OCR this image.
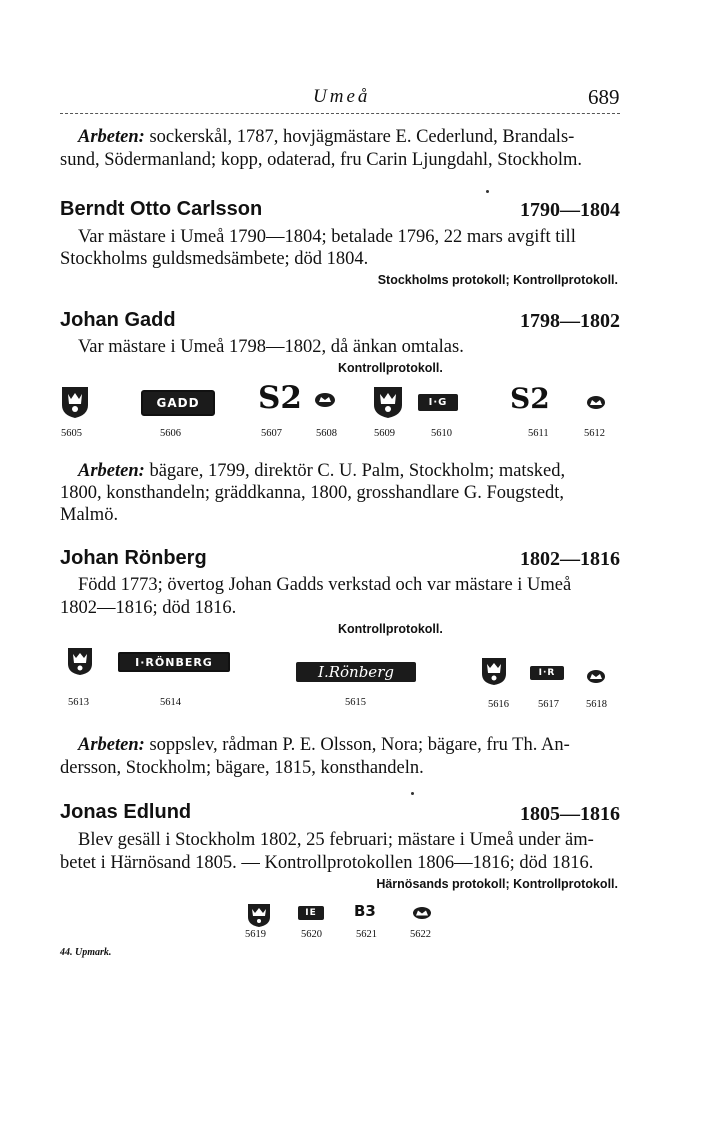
Umeå	689
Arbeten: sockerskål, 1787, hovjägmästare E. Cederlund, Brandals-
sund, Södermanland; kopp, odaterad, fru Carin Ljungdahl, Stockholm.
Berndt Otto Carlsson	1790—1804
Var mästare i Umeå 1790—1804; betalade 1796, 22 mars avgift till
Stockholms guldsmedsämbete; död 1804.
Stockholms protokoll; Kontrollprotokoll.
Johan Gadd	1798—1802
Var mästare i Umeå 1798—1802, då änkan omtalas.
Kontrollprotokoll.
GADD	S2	I·G	S2
5605	5606	5607	5608	5609	5610	5611	5612
Arbeten: bägare, 1799, direktör C. U. Palm, Stockholm; matsked,
1800, konsthandeln; gräddkanna, 1800, grosshandlare G. Fougstedt,
Malmö.
Johan Rönberg	1802—1816
Född 1773; övertog Johan Gadds verkstad och var mästare i Umeå
1802—1816; död 1816.
Kontrollprotokoll.
I·RÖNBERG
I.Rönberg	I·R
5613	5614	5615	5616	5617	5618
Arbeten: soppslev, rådman P. E. Olsson, Nora; bägare, fru Th. An-
dersson, Stockholm; bägare, 1815, konsthandeln.
Jonas Edlund	1805—1816
Blev gesäll i Stockholm 1802, 25 februari; mästare i Umeå under äm-
betet i Härnösand 1805. — Kontrollprotokollen 1806—1816; död 1816.
Härnösands protokoll; Kontrollprotokoll.
IE	B3
5619	5620	5621	5622
44. Upmark.
